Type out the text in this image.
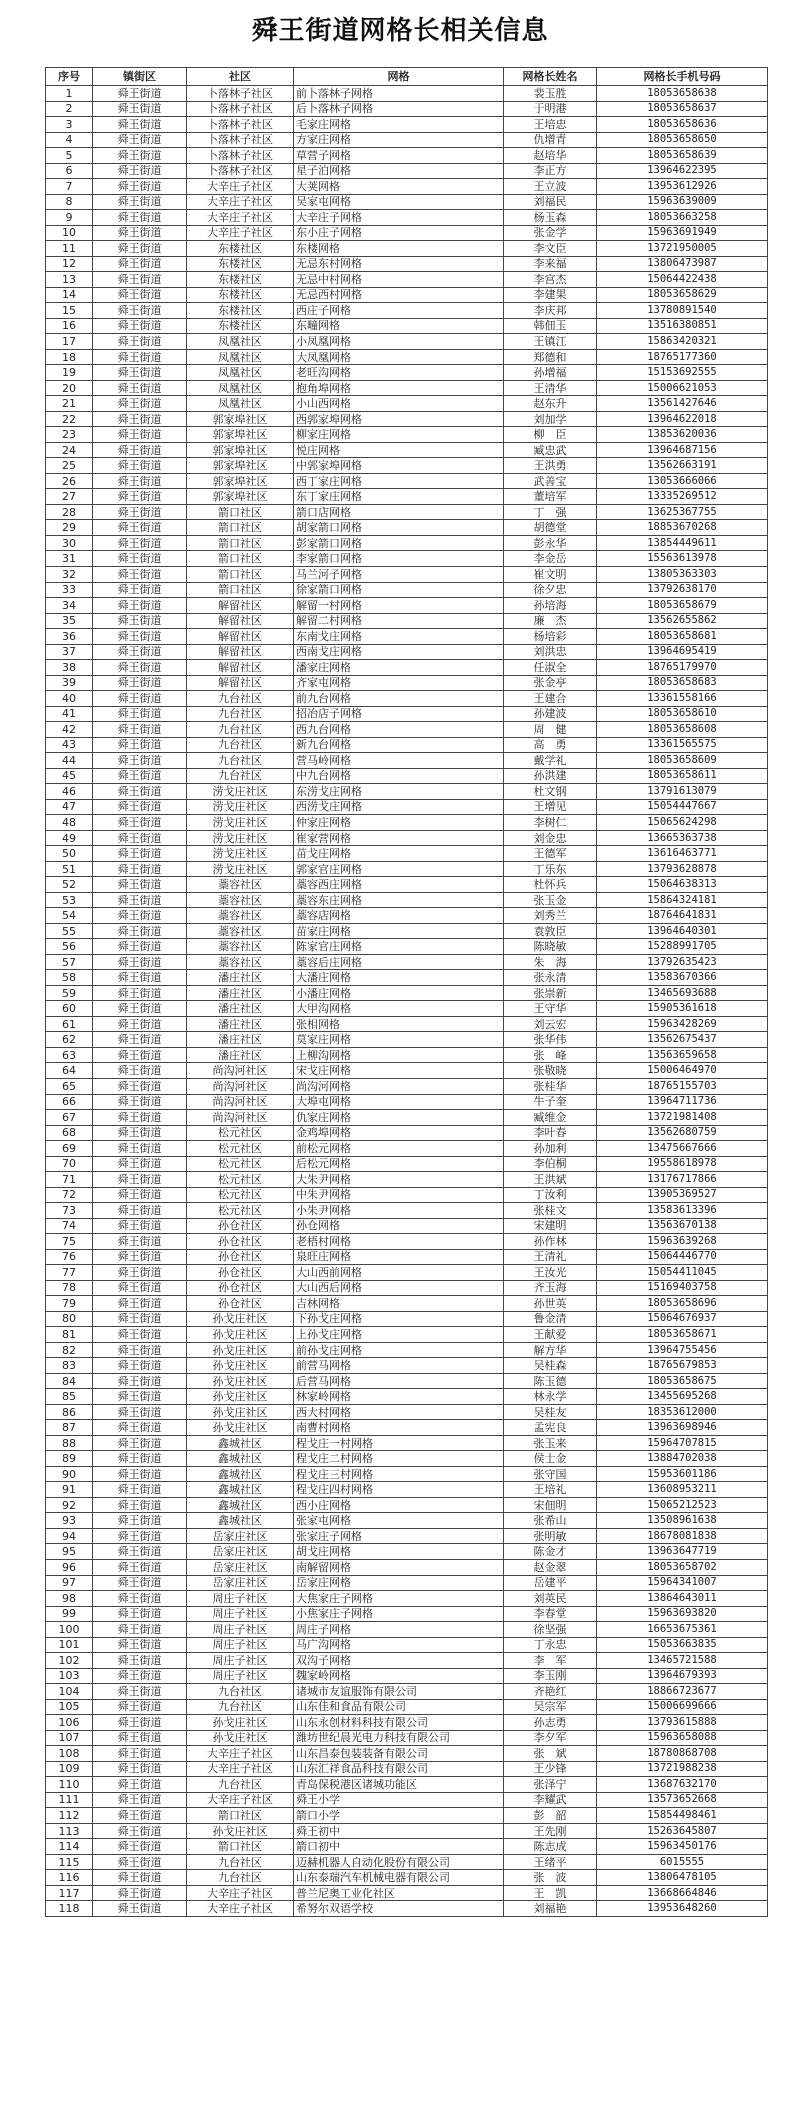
舜王街道网格长相关信息
序号	镇街区	社区	网格	网格长姓名	网格长手机号码
1	舜王街道	卜落林子社区	前卜落林子网格	裴玉胜	18053658638
2	舜王街道	卜落林子社区	后卜落林子网格	于明港	18053658637
3	舜王街道	卜落林子社区	毛家庄网格	王培忠	18053658636
4	舜王街道	卜落林子社区	方家庄网格	仇增青	18053658650
5	舜王街道	卜落林子社区	草营子网格	赵培华	18053658639
6	舜王街道	卜落林子社区	星子泊网格	李正方	13964622395
7	舜王街道	大辛庄子社区	大荚网格	王立波	13953612926
8	舜王街道	大辛庄子社区	吴家屯网格	刘福民	15963639009
9	舜王街道	大辛庄子社区	大辛庄子网格	杨玉森	18053663258
10	舜王街道	大辛庄子社区	东小庄子网格	张金学	15963691949
11	舜王街道	东楼社区	东楼网格	李文臣	13721950005
12	舜王街道	东楼社区	无忌东村网格	李来福	13806473987
13	舜王街道	东楼社区	无忌中村网格	李宫杰	15064422438
14	舜王街道	东楼社区	无忌西村网格	李建果	18053658629
15	舜王街道	东楼社区	西庄子网格	李庆邦	13780891540
16	舜王街道	东楼社区	东疃网格	韩佃玉	13516380851
17	舜王街道	凤凰社区	小凤凰网格	王镇江	15863420321
18	舜王街道	凤凰社区	大凤凰网格	郑德和	18765177360
19	舜王街道	凤凰社区	老旺沟网格	孙增福	15153692555
20	舜王街道	凤凰社区	抱角埠网格	王清华	15006621053
21	舜王街道	凤凰社区	小山西网格	赵东升	13561427646
22	舜王街道	郭家埠社区	西郭家埠网格	刘加学	13964622018
23	舜王街道	郭家埠社区	柳家庄网格	柳　臣	13853620036
24	舜王街道	郭家埠社区	悦庄网格	臧忠武	13964687156
25	舜王街道	郭家埠社区	中郭家埠网格	王洪勇	13562663191
26	舜王街道	郭家埠社区	西丁家庄网格	武善宝	13053666066
27	舜王街道	郭家埠社区	东丁家庄网格	董培军	13335269512
28	舜王街道	箭口社区	箭口店网格	丁　强	13625367755
29	舜王街道	箭口社区	胡家箭口网格	胡德堂	18853670268
30	舜王街道	箭口社区	彭家箭口网格	彭永华	13854449611
31	舜王街道	箭口社区	李家箭口网格	李金岳	15563613978
32	舜王街道	箭口社区	马兰河子网格	崔文明	13805363303
33	舜王街道	箭口社区	徐家箭口网格	徐夕忠	13792638170
34	舜王街道	解留社区	解留一村网格	孙培海	18053658679
35	舜王街道	解留社区	解留二村网格	廉　杰	13562655862
36	舜王街道	解留社区	东南戈庄网格	杨培彩	18053658681
37	舜王街道	解留社区	西南戈庄网格	刘洪忠	13964695419
38	舜王街道	解留社区	潘家庄网格	任淑全	18765179970
39	舜王街道	解留社区	齐家屯网格	张金亭	18053658683
40	舜王街道	九台社区	前九台网格	王建合	13361558166
41	舜王街道	九台社区	招冶店子网格	孙建波	18053658610
42	舜王街道	九台社区	西九台网格	周　健	18053658608
43	舜王街道	九台社区	新九台网格	高　勇	13361565575
44	舜王街道	九台社区	营马岭网格	戴学礼	18053658609
45	舜王街道	九台社区	中九台网格	孙洪建	18053658611
46	舜王街道	涝戈庄社区	东涝戈庄网格	杜文钢	13791613079
47	舜王街道	涝戈庄社区	西涝戈庄网格	王增见	15054447667
48	舜王街道	涝戈庄社区	仲家庄网格	李树仁	15065624298
49	舜王街道	涝戈庄社区	崔家营网格	刘金忠	13665363738
50	舜王街道	涝戈庄社区	苗戈庄网格	王德军	13616463771
51	舜王街道	涝戈庄社区	郭家官庄网格	丁乐东	13793628878
52	舜王街道	藁容社区	藁容西庄网格	杜怀兵	15064638313
53	舜王街道	藁容社区	藁容东庄网格	张玉金	15864324181
54	舜王街道	藁容社区	藁容店网格	刘秀兰	18764641831
55	舜王街道	藁容社区	苗家庄网格	袁敦臣	13964640301
56	舜王街道	藁容社区	陈家官庄网格	陈晓敏	15288991705
57	舜王街道	藁容社区	藁容后庄网格	朱　海	13792635423
58	舜王街道	潘庄社区	大潘庄网格	张永清	13583670366
59	舜王街道	潘庄社区	小潘庄网格	张崇新	13465693688
60	舜王街道	潘庄社区	大甲沟网格	王守华	15905361618
61	舜王街道	潘庄社区	张相网格	刘云宏	15963428269
62	舜王街道	潘庄社区	莫家庄网格	张华伟	13562675437
63	舜王街道	潘庄社区	上柳沟网格	张　峰	13563659658
64	舜王街道	尚沟河社区	宋戈庄网格	张敬晓	15006464970
65	舜王街道	尚沟河社区	尚沟河网格	张桂华	18765155703
66	舜王街道	尚沟河社区	大埠屯网格	牛子奎	13964711736
67	舜王街道	尚沟河社区	仇家庄网格	臧维金	13721981408
68	舜王街道	松元社区	金鸡埠网格	李叶春	13562680759
69	舜王街道	松元社区	前松元网格	孙加利	13475667666
70	舜王街道	松元社区	后松元网格	李伯桐	19558618978
71	舜王街道	松元社区	大朱尹网格	王洪斌	13176717866
72	舜王街道	松元社区	中朱尹网格	丁汝利	13905369527
73	舜王街道	松元社区	小朱尹网格	张桂文	13583613396
74	舜王街道	孙仓社区	孙仓网格	宋建明	13563670138
75	舜王街道	孙仓社区	老梧村网格	孙作林	15963639268
76	舜王街道	孙仓社区	泉旺庄网格	王清礼	15064446770
77	舜王街道	孙仓社区	大山西前网格	王汝光	15054411045
78	舜王街道	孙仓社区	大山西后网格	齐玉海	15169403758
79	舜王街道	孙仓社区	吉林网格	孙世英	18053658696
80	舜王街道	孙戈庄社区	下孙戈庄网格	鲁金清	15064676937
81	舜王街道	孙戈庄社区	上孙戈庄网格	王献爱	18053658671
82	舜王街道	孙戈庄社区	前孙戈庄网格	解方华	13964755456
83	舜王街道	孙戈庄社区	前营马网格	吴桂森	18765679853
84	舜王街道	孙戈庄社区	后营马网格	陈玉德	18053658675
85	舜王街道	孙戈庄社区	林家岭网格	林永学	13455695268
86	舜王街道	孙戈庄社区	西大村网格	吴桂友	18353612000
87	舜王街道	孙戈庄社区	南曹村网格	孟宪良	13963698946
88	舜王街道	鑫城社区	程戈庄一村网格	张玉来	15964707815
89	舜王街道	鑫城社区	程戈庄二村网格	侯士金	13884702038
90	舜王街道	鑫城社区	程戈庄三村网格	张守国	15953601186
91	舜王街道	鑫城社区	程戈庄四村网格	王培礼	13608953211
92	舜王街道	鑫城社区	西小庄网格	宋佃明	15065212523
93	舜王街道	鑫城社区	张家屯网格	张希山	13508961638
94	舜王街道	岳家庄社区	张家庄子网格	张明敏	18678081838
95	舜王街道	岳家庄社区	胡戈庄网格	陈金才	13963647719
96	舜王街道	岳家庄社区	南解留网格	赵金翠	18053658702
97	舜王街道	岳家庄社区	岳家庄网格	岳建平	15964341007
98	舜王街道	周庄子社区	大焦家庄子网格	刘英民	13864643011
99	舜王街道	周庄子社区	小焦家庄子网格	李春堂	15963693820
100	舜王街道	周庄子社区	周庄子网格	徐坚强	16653675361
101	舜王街道	周庄子社区	马广沟网格	丁永忠	15053663835
102	舜王街道	周庄子社区	双沟子网格	李　军	13465721588
103	舜王街道	周庄子社区	魏家岭网格	李玉刚	13964679393
104	舜王街道	九台社区	诸城市友谊服饰有限公司	齐艳红	18866723677
105	舜王街道	九台社区	山东佳和食品有限公司	吴宗军	15006699666
106	舜王街道	孙戈庄社区	山东永创材料科技有限公司	孙志勇	13793615888
107	舜王街道	孙戈庄社区	潍坊世纪晨光电力科技有限公司	李夕军	15963658088
108	舜王街道	大辛庄子社区	山东昌泰包装装备有限公司	张　斌	18780868708
109	舜王街道	大辛庄子社区	山东汇祥食品科技有限公司	王少锋	13721988238
110	舜王街道	九台社区	青岛保税港区诸城功能区	张泽宁	13687632170
111	舜王街道	大辛庄子社区	舜王小学	李耀武	13573652668
112	舜王街道	箭口社区	箭口小学	彭　韶	15854498461
113	舜王街道	孙戈庄社区	舜王初中	王先刚	15263645807
114	舜王街道	箭口社区	箭口初中	陈志成	15963450176
115	舜王街道	九台社区	迈赫机器人自动化股份有限公司	王绪平	6015555
116	舜王街道	九台社区	山东泰瑞汽车机械电器有限公司	张　波	13806478105
117	舜王街道	大辛庄子社区	普兰尼奥工业化社区	王　凯	13668664846
118	舜王街道	大辛庄子社区	希努尔双语学校	刘福艳	13953648260
